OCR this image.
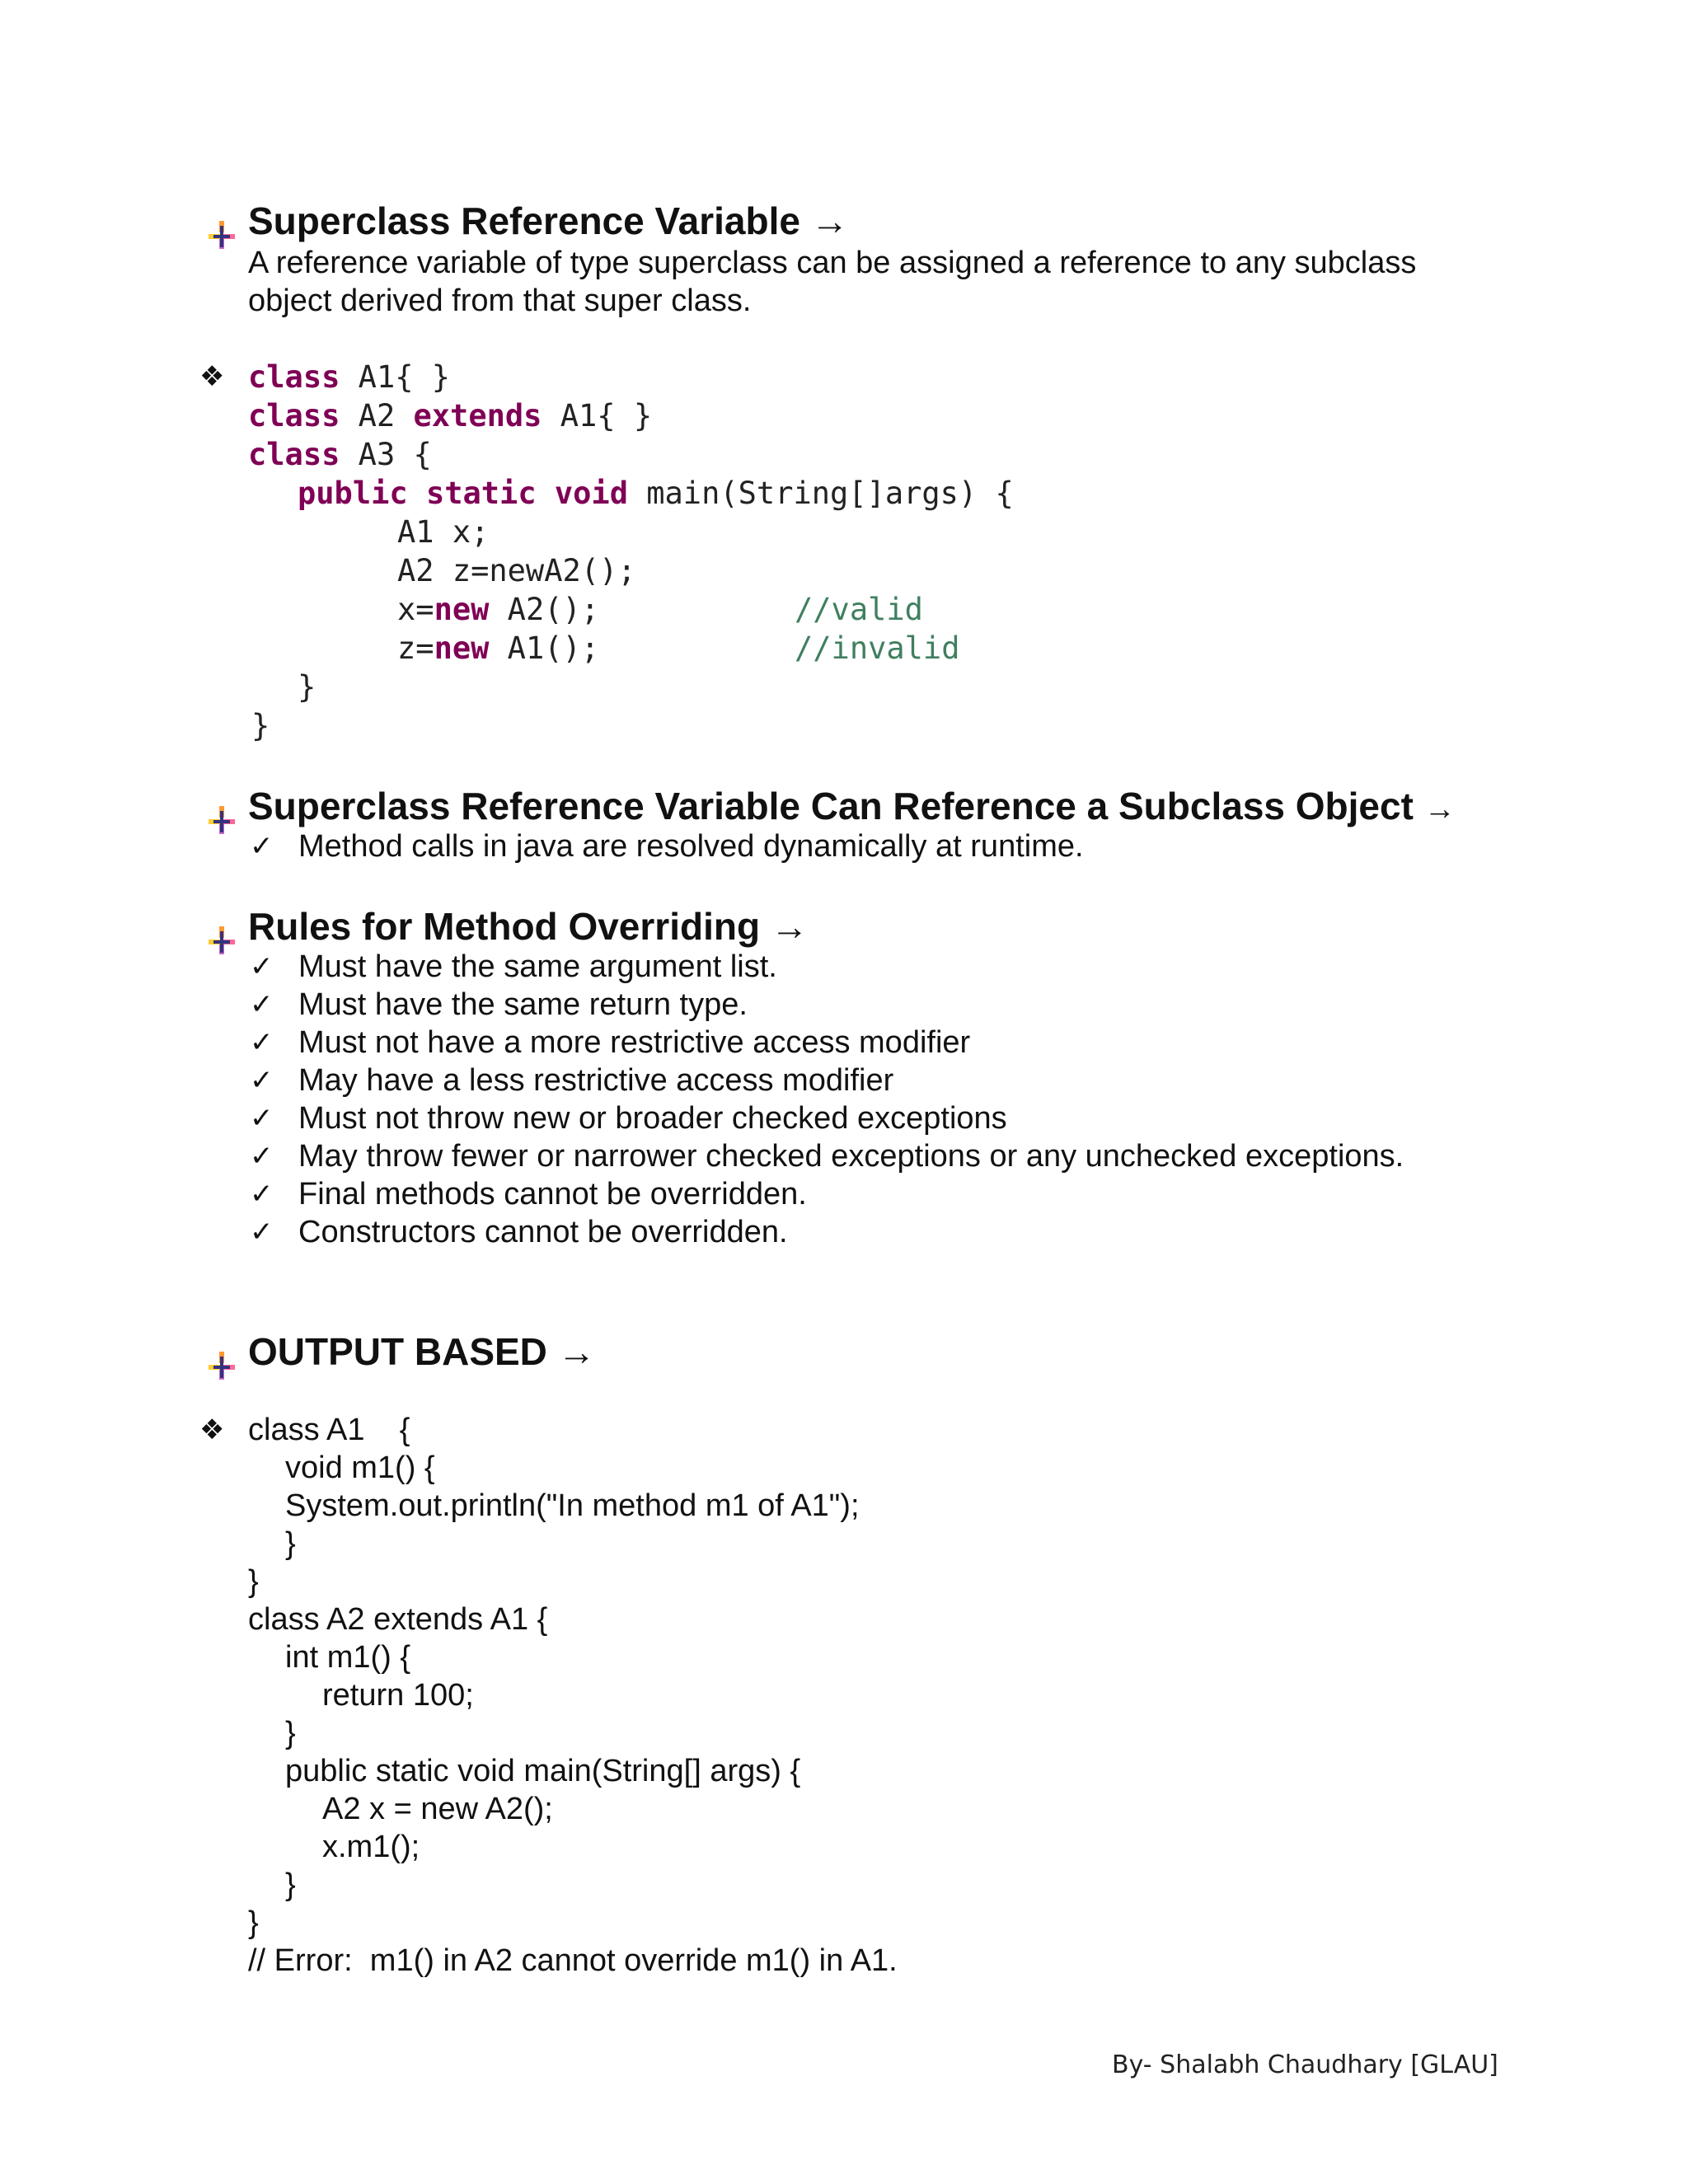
Superclass Reference Variable →
A reference variable of type superclass can be assigned a reference to any subclass
object derived from that super class.
❖ class A1{ }
class A2 extends A1{ }
class A3 {
public static void main(String[]args) {
A1 x;
A2 z=newA2();
x=new A2();	//valid
z=new A1();	//invalid
}
}

Superclass Reference Variable Can Reference a Subclass Object →
✓ Method calls in java are resolved dynamically at runtime.

Rules for Method Overriding →
✓ Must have the same argument list.
✓ Must have the same return type.
✓ Must not have a more restrictive access modifier
✓ May have a less restrictive access modifier
✓ Must not throw new or broader checked exceptions
✓ May throw fewer or narrower checked exceptions or any unchecked exceptions.
✓ Final methods cannot be overridden.
✓ Constructors cannot be overridden.

OUTPUT BASED →
❖ class A1    {
void m1() {
System.out.println("In method m1 of A1");
}
}
class A2 extends A1 {
int m1() {
return 100;
}
public static void main(String[] args) {
A2 x = new A2();
x.m1();
}
}
// Error:  m1() in A2 cannot override m1() in A1.
By- Shalabh Chaudhary [GLAU]
